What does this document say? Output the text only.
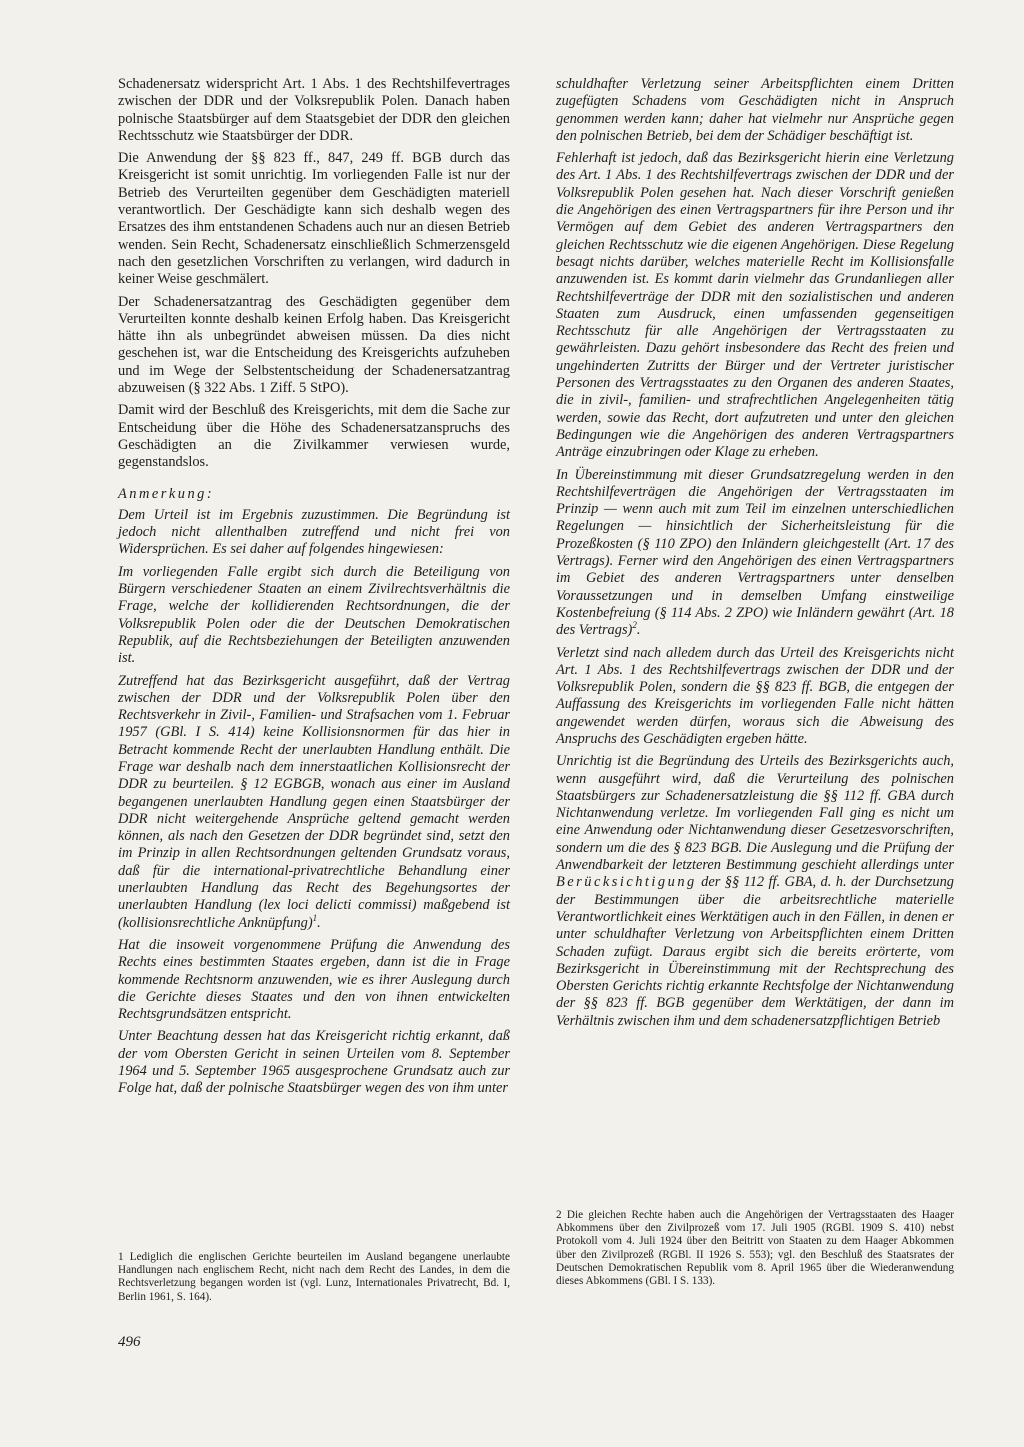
Schadenersatz widerspricht Art. 1 Abs. 1 des Rechtshilfevertrages zwischen der DDR und der Volksrepublik Polen. Danach haben polnische Staatsbürger auf dem Staatsgebiet der DDR den gleichen Rechtsschutz wie Staatsbürger der DDR.

Die Anwendung der §§ 823 ff., 847, 249 ff. BGB durch das Kreisgericht ist somit unrichtig. Im vorliegenden Falle ist nur der Betrieb des Verurteilten gegenüber dem Geschädigten materiell verantwortlich. Der Geschädigte kann sich deshalb wegen des Ersatzes des ihm entstandenen Schadens auch nur an diesen Betrieb wenden. Sein Recht, Schadenersatz einschließlich Schmerzensgeld nach den gesetzlichen Vorschriften zu verlangen, wird dadurch in keiner Weise geschmälert.

Der Schadenersatzantrag des Geschädigten gegenüber dem Verurteilten konnte deshalb keinen Erfolg haben. Das Kreisgericht hätte ihn als unbegründet abweisen müssen. Da dies nicht geschehen ist, war die Entscheidung des Kreisgerichts aufzuheben und im Wege der Selbstentscheidung der Schadenersatzantrag abzuweisen (§ 322 Abs. 1 Ziff. 5 StPO).

Damit wird der Beschluß des Kreisgerichts, mit dem die Sache zur Entscheidung über die Höhe des Schadenersatzanspruchs des Geschädigten an die Zivilkammer verwiesen wurde, gegenstandslos.

Anmerkung:

Dem Urteil ist im Ergebnis zuzustimmen. Die Begründung ist jedoch nicht allenthalben zutreffend und nicht frei von Widersprüchen. Es sei daher auf folgendes hingewiesen:

Im vorliegenden Falle ergibt sich durch die Beteiligung von Bürgern verschiedener Staaten an einem Zivilrechtsverhältnis die Frage, welche der kollidierenden Rechtsordnungen, die der Volksrepublik Polen oder die der Deutschen Demokratischen Republik, auf die Rechtsbeziehungen der Beteiligten anzuwenden ist.

Zutreffend hat das Bezirksgericht ausgeführt, daß der Vertrag zwischen der DDR und der Volksrepublik Polen über den Rechtsverkehr in Zivil-, Familien- und Strafsachen vom 1. Februar 1957 (GBl. I S. 414) keine Kollisionsnormen für das hier in Betracht kommende Recht der unerlaubten Handlung enthält. Die Frage war deshalb nach dem innerstaatlichen Kollisionsrecht der DDR zu beurteilen. § 12 EGBGB, wonach aus einer im Ausland begangenen unerlaubten Handlung gegen einen Staatsbürger der DDR nicht weitergehende Ansprüche geltend gemacht werden können, als nach den Gesetzen der DDR begründet sind, setzt den im Prinzip in allen Rechtsordnungen geltenden Grundsatz voraus, daß für die international-privatrechtliche Behandlung einer unerlaubten Handlung das Recht des Begehungsortes der unerlaubten Handlung (lex loci delicti commissi) maßgebend ist (kollisionsrechtliche Anknüpfung)$^1$.

Hat die insoweit vorgenommene Prüfung die Anwendung des Rechts eines bestimmten Staates ergeben, dann ist die in Frage kommende Rechtsnorm anzuwenden, wie es ihrer Auslegung durch die Gerichte dieses Staates und den von ihnen entwickelten Rechtsgrundsätzen entspricht.

Unter Beachtung dessen hat das Kreisgericht richtig erkannt, daß der vom Obersten Gericht in seinen Urteilen vom 8. September 1964 und 5. September 1965 ausgesprochene Grundsatz auch zur Folge hat, daß der polnische Staatsbürger wegen des von ihm unter

schuldhafter Verletzung seiner Arbeitspflichten einem Dritten zugefügten Schadens vom Geschädigten nicht in Anspruch genommen werden kann; daher hat vielmehr nur Ansprüche gegen den polnischen Betrieb, bei dem der Schädiger beschäftigt ist.

Fehlerhaft ist jedoch, daß das Bezirksgericht hierin eine Verletzung des Art. 1 Abs. 1 des Rechtshilfevertrags zwischen der DDR und der Volksrepublik Polen gesehen hat. Nach dieser Vorschrift genießen die Angehörigen des einen Vertragspartners für ihre Person und ihr Vermögen auf dem Gebiet des anderen Vertragspartners den gleichen Rechtsschutz wie die eigenen Angehörigen. Diese Regelung besagt nichts darüber, welches materielle Recht im Kollisionsfalle anzuwenden ist. Es kommt darin vielmehr das Grundanliegen aller Rechtshilfeverträge der DDR mit den sozialistischen und anderen Staaten zum Ausdruck, einen umfassenden gegenseitigen Rechtsschutz für alle Angehörigen der Vertragsstaaten zu gewährleisten. Dazu gehört insbesondere das Recht des freien und ungehinderten Zutritts der Bürger und der Vertreter juristischer Personen des Vertragsstaates zu den Organen des anderen Staates, die in zivil-, familien- und strafrechtlichen Angelegenheiten tätig werden, sowie das Recht, dort aufzutreten und unter den gleichen Bedingungen wie die Angehörigen des anderen Vertragspartners Anträge einzubringen oder Klage zu erheben.

In Übereinstimmung mit dieser Grundsatzregelung werden in den Rechtshilfeverträgen die Angehörigen der Vertragsstaaten im Prinzip — wenn auch mit zum Teil im einzelnen unterschiedlichen Regelungen — hinsichtlich der Sicherheitsleistung für die Prozeßkosten (§ 110 ZPO) den Inländern gleichgestellt (Art. 17 des Vertrags). Ferner wird den Angehörigen des einen Vertragspartners im Gebiet des anderen Vertragspartners unter denselben Voraussetzungen und in demselben Umfang einstweilige Kostenbefreiung (§ 114 Abs. 2 ZPO) wie Inländern gewährt (Art. 18 des Vertrags)$^2$.

Verletzt sind nach alledem durch das Urteil des Kreisgerichts nicht Art. 1 Abs. 1 des Rechtshilfevertrags zwischen der DDR und der Volksrepublik Polen, sondern die §§ 823 ff. BGB, die entgegen der Auffassung des Kreisgerichts im vorliegenden Falle nicht hätten angewendet werden dürfen, woraus sich die Abweisung des Anspruchs des Geschädigten ergeben hätte.

Unrichtig ist die Begründung des Urteils des Bezirksgerichts auch, wenn ausgeführt wird, daß die Verurteilung des polnischen Staatsbürgers zur Schadenersatzleistung die §§ 112 ff. GBA durch Nichtanwendung verletze. Im vorliegenden Fall ging es nicht um eine Anwendung oder Nichtanwendung dieser Gesetzesvorschriften, sondern um die des § 823 BGB. Die Auslegung und die Prüfung der Anwendbarkeit der letzteren Bestimmung geschieht allerdings unter Berücksichtigung der §§ 112 ff. GBA, d. h. der Durchsetzung der Bestimmungen über die arbeitsrechtliche materielle Verantwortlichkeit eines Werktätigen auch in den Fällen, in denen er unter schuldhafter Verletzung von Arbeitspflichten einem Dritten Schaden zufügt. Daraus ergibt sich die bereits erörterte, vom Bezirksgericht in Übereinstimmung mit der Rechtsprechung des Obersten Gerichts richtig erkannte Rechtsfolge der Nichtanwendung der §§ 823 ff. BGB gegenüber dem Werktätigen, der dann im Verhältnis zwischen ihm und dem schadenersatzpflichtigen Betrieb

1 Lediglich die englischen Gerichte beurteilen im Ausland begangene unerlaubte Handlungen nach englischem Recht, nicht nach dem Recht des Landes, in dem die Rechtsverletzung begangen worden ist (vgl. Lunz, Internationales Privatrecht, Bd. I, Berlin 1961, S. 164).

2 Die gleichen Rechte haben auch die Angehörigen der Vertragsstaaten des Haager Abkommens über den Zivilprozeß vom 17. Juli 1905 (RGBl. 1909 S. 410) nebst Protokoll vom 4. Juli 1924 über den Beitritt von Staaten zu dem Haager Abkommen über den Zivilprozeß (RGBl. II 1926 S. 553); vgl. den Beschluß des Staatsrates der Deutschen Demokratischen Republik vom 8. April 1965 über die Wiederanwendung dieses Abkommens (GBl. I S. 133).

496
